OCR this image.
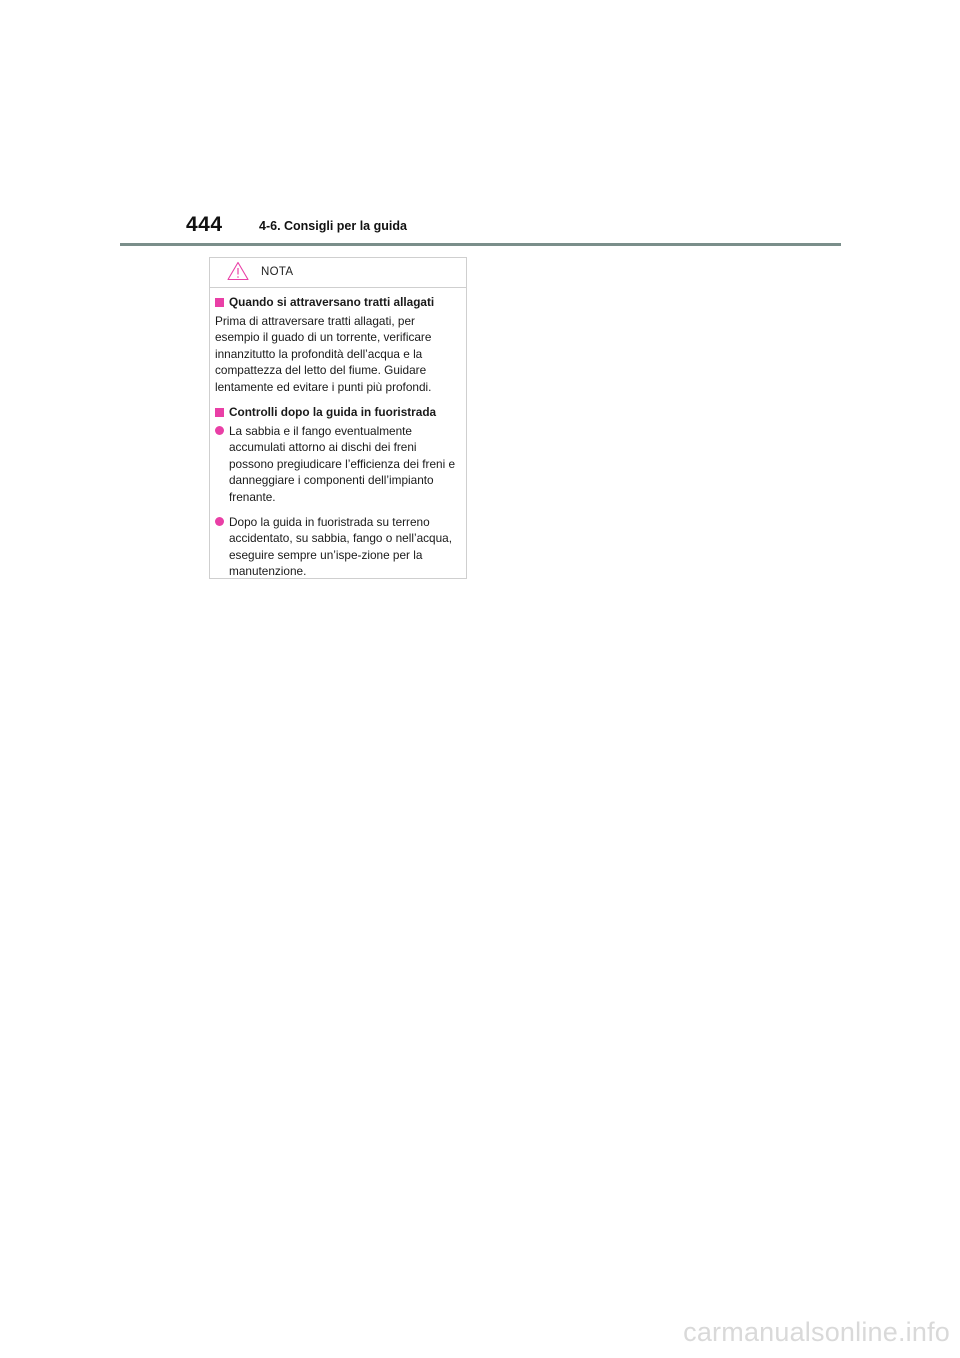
444	4-6. Consigli per la guida
NOTA
Quando si attraversano tratti allagati
Prima di attraversare tratti allagati, per esempio il guado di un torrente, verificare innanzitutto la profondità dell’acqua e la compattezza del letto del fiume. Guidare lentamente ed evitare i punti più profondi.
Controlli dopo la guida in fuoristrada
La sabbia e il fango eventualmente accumulati attorno ai dischi dei freni possono pregiudicare l’efficienza dei freni e danneggiare i componenti dell’impianto frenante.
Dopo la guida in fuoristrada su terreno accidentato, su sabbia, fango o nell’acqua, eseguire sempre un’ispe-zione per la manutenzione.
carmanualsonline.info
